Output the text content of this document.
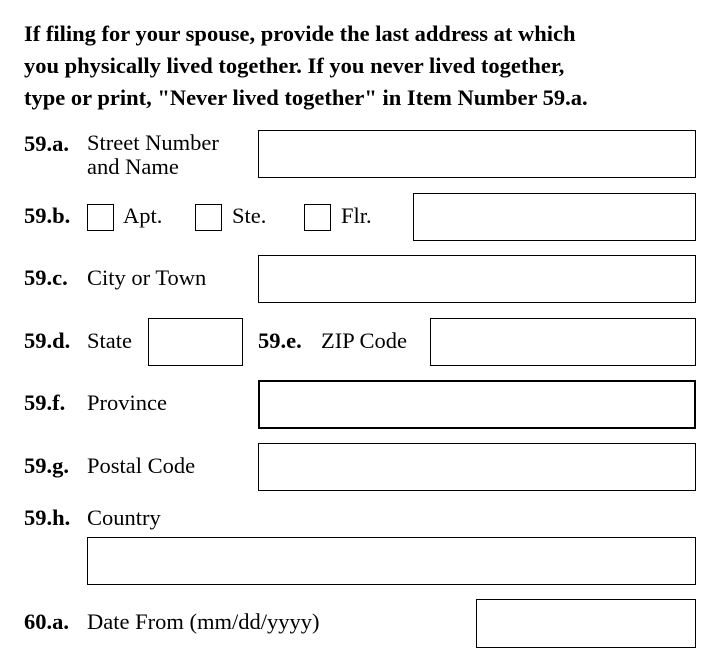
If filing for your spouse, provide the last address at which
you physically lived together. If you never lived together,
type or print, "Never lived together" in Item Number 59.a.
59.a. Street Number
and Name
59.b. Apt.	Ste.	Flr.
59.c. City or Town
59.d. State	59.e. ZIP Code
59.f. Province
59.g. Postal Code
59.h. Country
60.a. Date From (mm/dd/yyyy)
